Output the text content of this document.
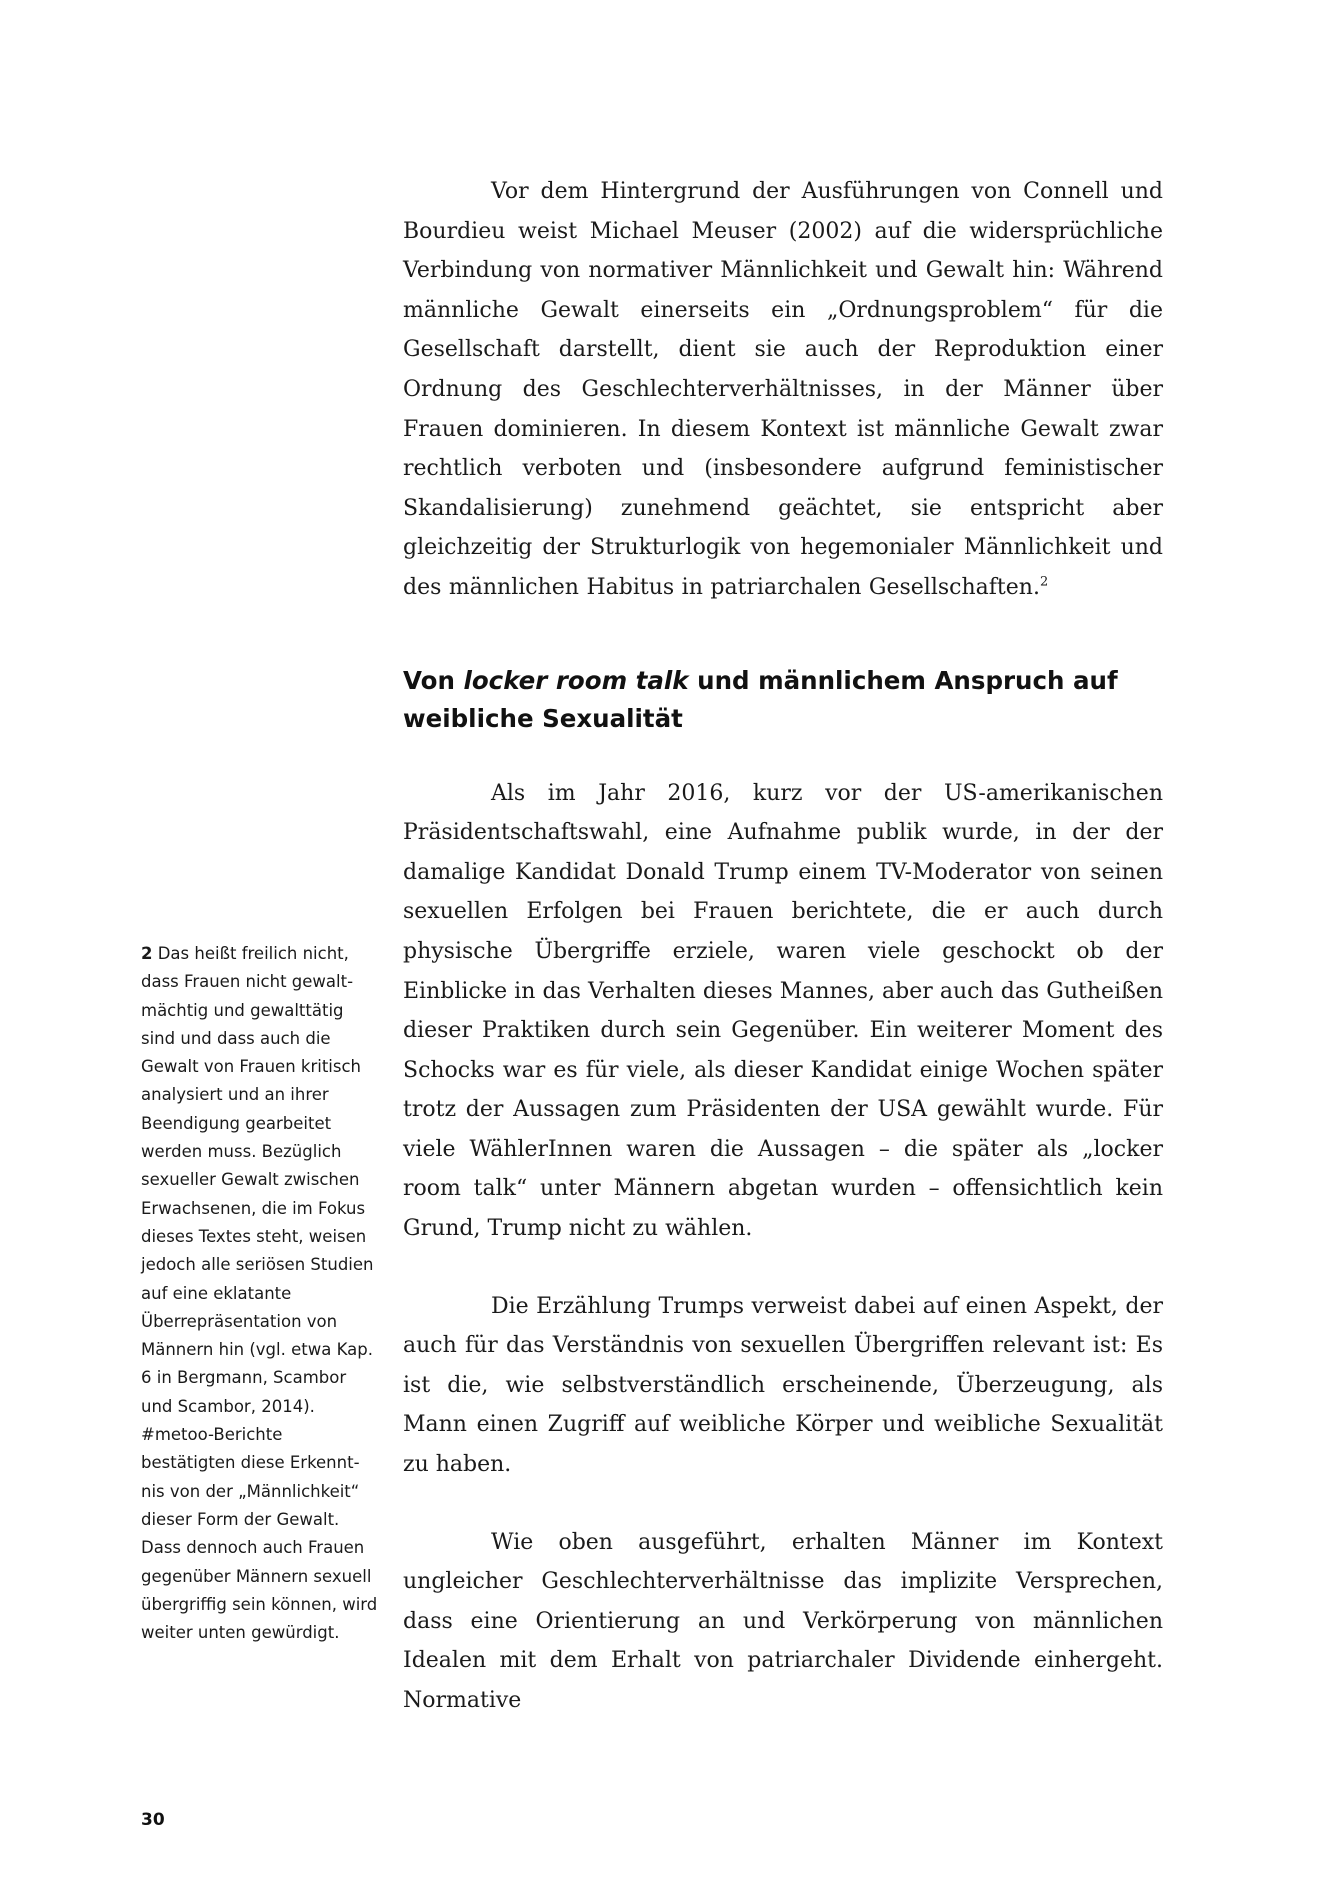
Vor dem Hintergrund der Ausführungen von Connell und Bourdieu weist Michael Meuser (2002) auf die widersprüchliche Verbindung von normativer Männlichkeit und Gewalt hin: Während männliche Gewalt einerseits ein „Ordnungsproblem“ für die Gesellschaft darstellt, dient sie auch der Reproduktion einer Ordnung des Geschlechterverhältnisses, in der Männer über Frauen dominieren. In diesem Kontext ist männliche Gewalt zwar rechtlich verboten und (insbesondere aufgrund feministischer Skandalisierung) zunehmend geächtet, sie entspricht aber gleichzeitig der Strukturlogik von hegemonialer Männlichkeit und des männlichen Habitus in patriarchalen Gesellschaften.$^2$

Von locker room talk und männlichem Anspruch auf weibliche Sexualität

Als im Jahr 2016, kurz vor der US-amerikanischen Präsidentschaftswahl, eine Aufnahme publik wurde, in der der damalige Kandidat Donald Trump einem TV-Moderator von seinen sexuellen Erfolgen bei Frauen berichtete, die er auch durch physische Übergriffe erziele, waren viele geschockt ob der Einblicke in das Verhalten dieses Mannes, aber auch das Gutheißen dieser Praktiken durch sein Gegenüber. Ein weiterer Moment des Schocks war es für viele, als dieser Kandidat einige Wochen später trotz der Aussagen zum Präsidenten der USA gewählt wurde. Für viele WählerInnen waren die Aussagen – die später als „locker room talk“ unter Männern abgetan wurden – offensichtlich kein Grund, Trump nicht zu wählen.

Die Erzählung Trumps verweist dabei auf einen Aspekt, der auch für das Verständnis von sexuellen Übergriffen relevant ist: Es ist die, wie selbstverständlich erscheinende, Überzeugung, als Mann einen Zugriff auf weibliche Körper und weibliche Sexualität zu haben.

Wie oben ausgeführt, erhalten Männer im Kontext ungleicher Geschlechterverhältnisse das implizite Versprechen, dass eine Orientierung an und Verkörperung von männlichen Idealen mit dem Erhalt von patriarchaler Dividende einhergeht. Normative

2 Das heißt freilich nicht, dass Frauen nicht gewalt-mächtig und gewalttätig sind und dass auch die Gewalt von Frauen kritisch analysiert und an ihrer Beendigung gearbeitet werden muss. Bezüglich sexueller Gewalt zwischen Erwachsenen, die im Fokus dieses Textes steht, weisen jedoch alle seriösen Studien auf eine eklatante Überrepräsentation von Männern hin (vgl. etwa Kap. 6 in Bergmann, Scambor und Scambor, 2014). #metoo-Berichte bestätigten diese Erkennt-nis von der „Männlichkeit“ dieser Form der Gewalt. Dass dennoch auch Frauen gegenüber Männern sexuell übergriffig sein können, wird weiter unten gewürdigt.

30
